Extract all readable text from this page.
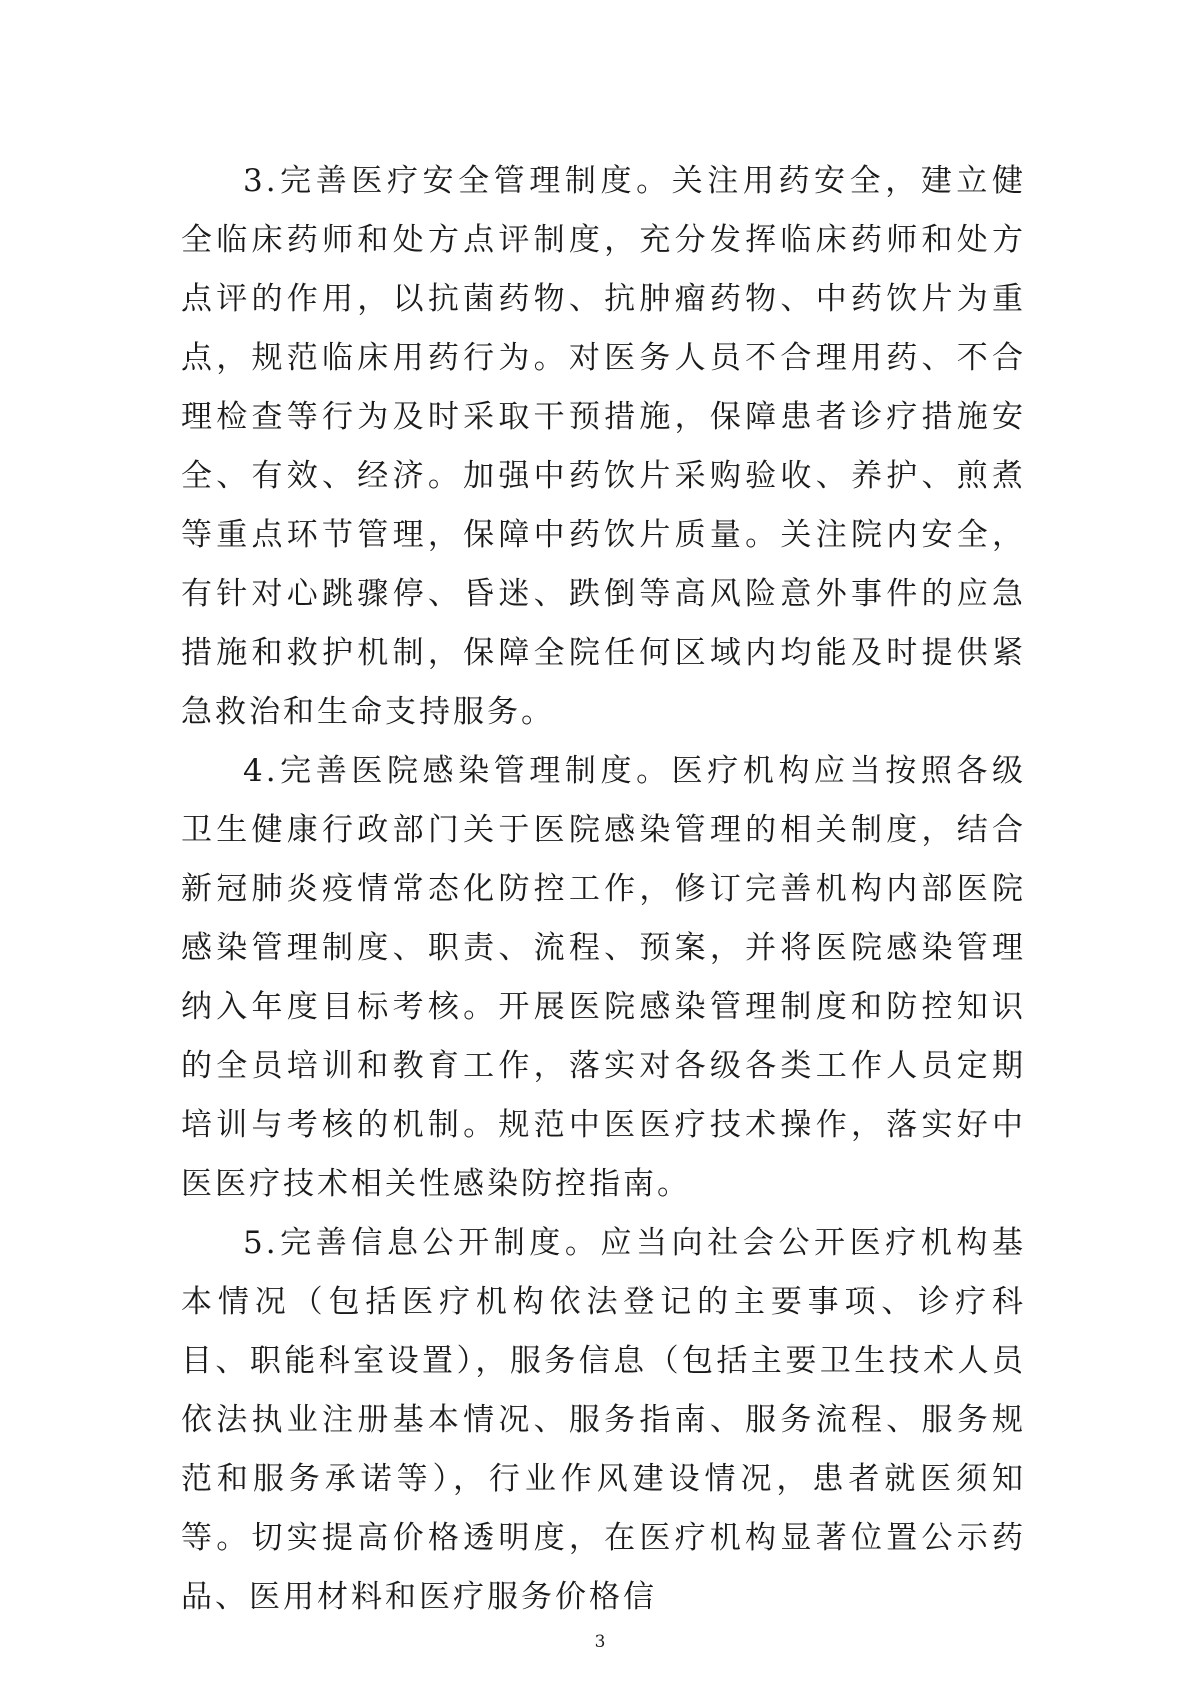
3.完善医疗安全管理制度。关注用药安全，建立健全临床药师和处方点评制度，充分发挥临床药师和处方点评的作用，以抗菌药物、抗肿瘤药物、中药饮片为重点，规范临床用药行为。对医务人员不合理用药、不合理检查等行为及时采取干预措施，保障患者诊疗措施安全、有效、经济。加强中药饮片采购验收、养护、煎煮等重点环节管理，保障中药饮片质量。关注院内安全，有针对心跳骤停、昏迷、跌倒等高风险意外事件的应急措施和救护机制，保障全院任何区域内均能及时提供紧急救治和生命支持服务。

4.完善医院感染管理制度。医疗机构应当按照各级卫生健康行政部门关于医院感染管理的相关制度，结合新冠肺炎疫情常态化防控工作，修订完善机构内部医院感染管理制度、职责、流程、预案，并将医院感染管理纳入年度目标考核。开展医院感染管理制度和防控知识的全员培训和教育工作，落实对各级各类工作人员定期培训与考核的机制。规范中医医疗技术操作，落实好中医医疗技术相关性感染防控指南。

5.完善信息公开制度。应当向社会公开医疗机构基本情况（包括医疗机构依法登记的主要事项、诊疗科目、职能科室设置），服务信息（包括主要卫生技术人员依法执业注册基本情况、服务指南、服务流程、服务规范和服务承诺等），行业作风建设情况，患者就医须知等。切实提高价格透明度，在医疗机构显著位置公示药品、医用材料和医疗服务价格信

3
